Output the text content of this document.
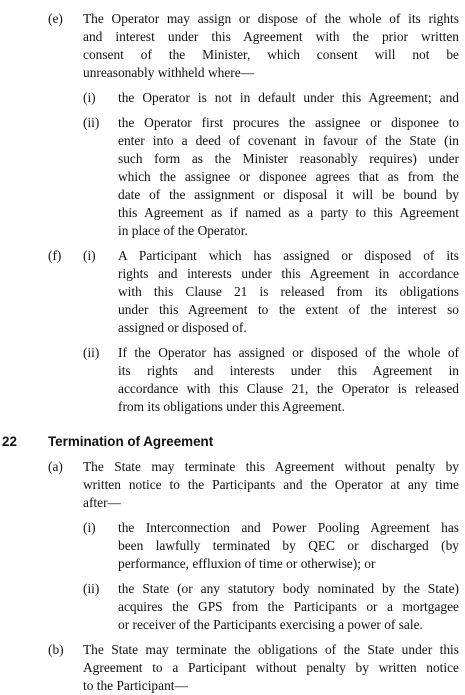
(e) The Operator may assign or dispose of the whole of its rights
and interest under this Agreement with the prior written
consent of the Minister, which consent will not be
unreasonably withheld where—
(i) the Operator is not in default under this Agreement; and
(ii) the Operator first procures the assignee or disponee to
enter into a deed of covenant in favour of the State (in
such form as the Minister reasonably requires) under
which the assignee or disponee agrees that as from the
date of the assignment or disposal it will be bound by
this Agreement as if named as a party to this Agreement
in place of the Operator.
(f) (i) A Participant which has assigned or disposed of its
rights and interests under this Agreement in accordance
with this Clause 21 is released from its obligations
under this Agreement to the extent of the interest so
assigned or disposed of.
(ii) If the Operator has assigned or disposed of the whole of
its rights and interests under this Agreement in
accordance with this Clause 21, the Operator is released
from its obligations under this Agreement.
22 Termination of Agreement
(a) The State may terminate this Agreement without penalty by
written notice to the Participants and the Operator at any time
after—
(i) the Interconnection and Power Pooling Agreement has
been lawfully terminated by QEC or discharged (by
performance, effluxion of time or otherwise); or
(ii) the State (or any statutory body nominated by the State)
acquires the GPS from the Participants or a mortgagee
or receiver of the Participants exercising a power of sale.
(b) The State may terminate the obligations of the State under this
Agreement to a Participant without penalty by written notice
to the Participant—
